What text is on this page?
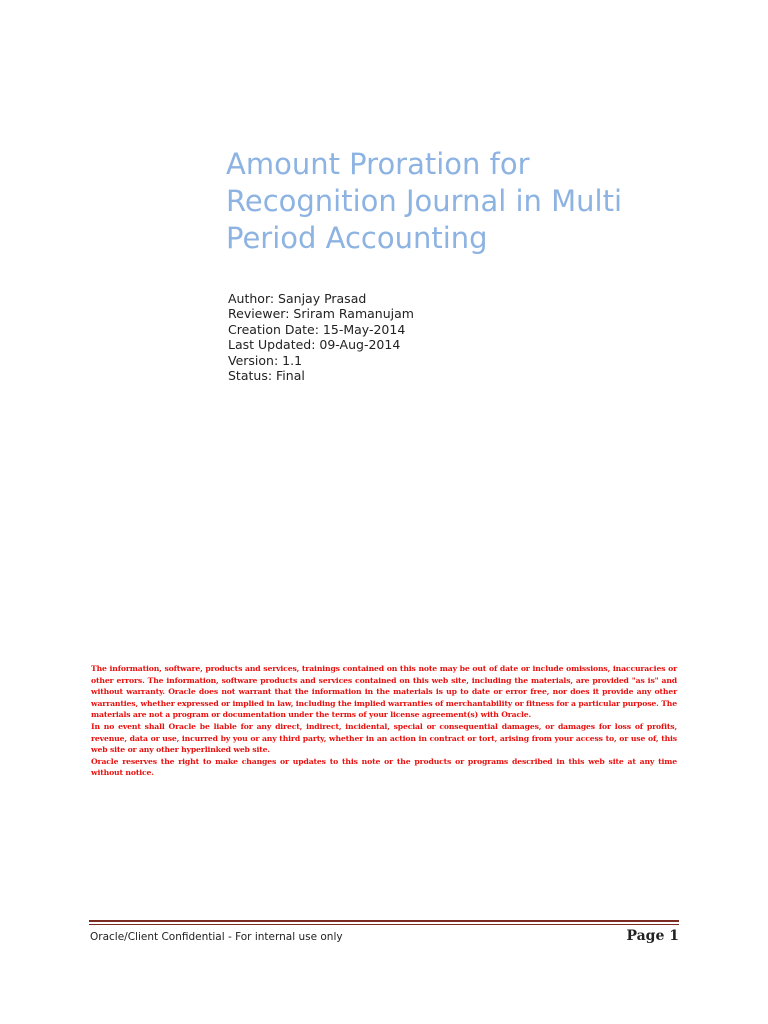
Amount Proration for
Recognition Journal in Multi
Period Accounting
Author: Sanjay Prasad
Reviewer: Sriram Ramanujam
Creation Date: 15-May-2014
Last Updated: 09-Aug-2014
Version: 1.1
Status: Final

The information, software, products and services, trainings contained on this note may be out of date or include omissions, inaccuracies or other errors. The information, software products and services contained on this web site, including the materials, are provided "as is" and without warranty. Oracle does not warrant that the information in the materials is up to date or error free, nor does it provide any other warranties, whether expressed or implied in law, including the implied warranties of merchantability or fitness for a particular purpose. The materials are not a program or documentation under the terms of your license agreement(s) with Oracle.

In no event shall Oracle be liable for any direct, indirect, incidental, special or consequential damages, or damages for loss of profits, revenue, data or use, incurred by you or any third party, whether in an action in contract or tort, arising from your access to, or use of, this web site or any other hyperlinked web site.

Oracle reserves the right to make changes or updates to this note or the products or programs described in this web site at any time without notice.

Oracle/Client Confidential - For internal use only	Page 1
